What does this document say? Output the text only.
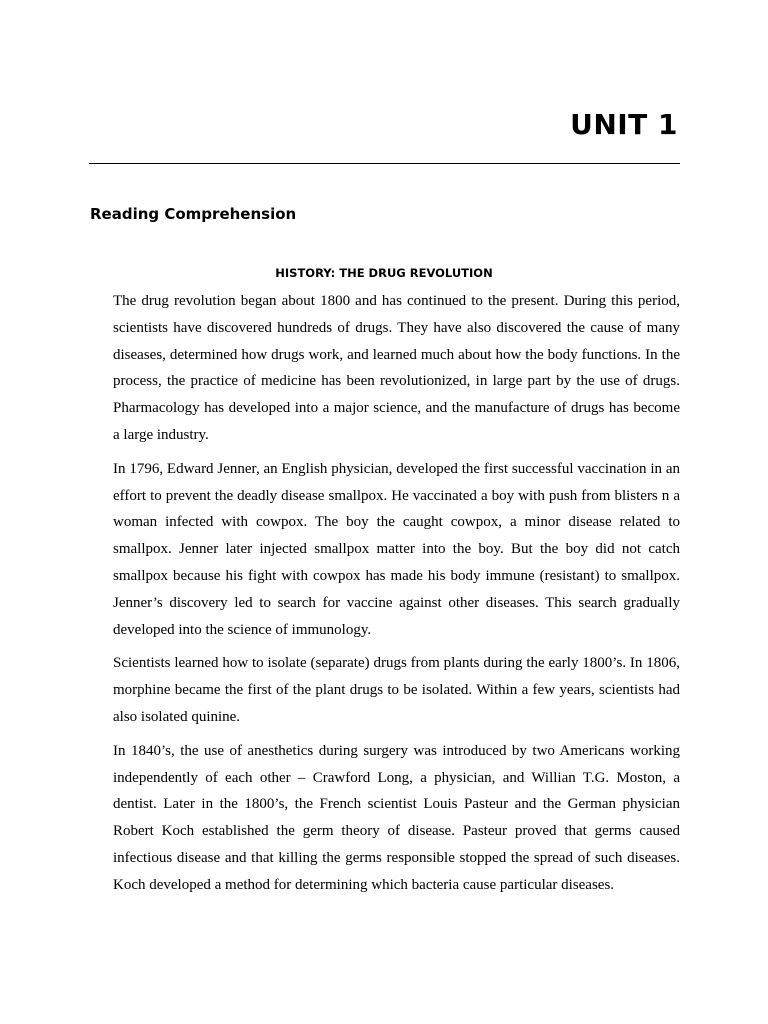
UNIT 1
Reading Comprehension
HISTORY: THE DRUG REVOLUTION

The drug revolution began about 1800 and has continued to the present. During this period, scientists have discovered hundreds of drugs. They have also discovered the cause of many diseases, determined how drugs work, and learned much about how the body functions. In the process, the practice of medicine has been revolutionized, in large part by the use of drugs. Pharmacology has developed into a major science, and the manufacture of drugs has become a large industry.

In 1796, Edward Jenner, an English physician, developed the first successful vaccination in an effort to prevent the deadly disease smallpox. He vaccinated a boy with push from blisters n a woman infected with cowpox. The boy the caught cowpox, a minor disease related to smallpox. Jenner later injected smallpox matter into the boy. But the boy did not catch smallpox because his fight with cowpox has made his body immune (resistant) to smallpox. Jenner’s discovery led to search for vaccine against other diseases. This search gradually developed into the science of immunology.

Scientists learned how to isolate (separate) drugs from plants during the early 1800’s. In 1806, morphine became the first of the plant drugs to be isolated. Within a few years, scientists had also isolated quinine.

In 1840’s, the use of anesthetics during surgery was introduced by two Americans working independently of each other – Crawford Long, a physician, and Willian T.G. Moston, a dentist. Later in the 1800’s, the French scientist Louis Pasteur and the German physician Robert Koch established the germ theory of disease. Pasteur proved that germs caused infectious disease and that killing the germs responsible stopped the spread of such diseases. Koch developed a method for determining which bacteria cause particular diseases.
